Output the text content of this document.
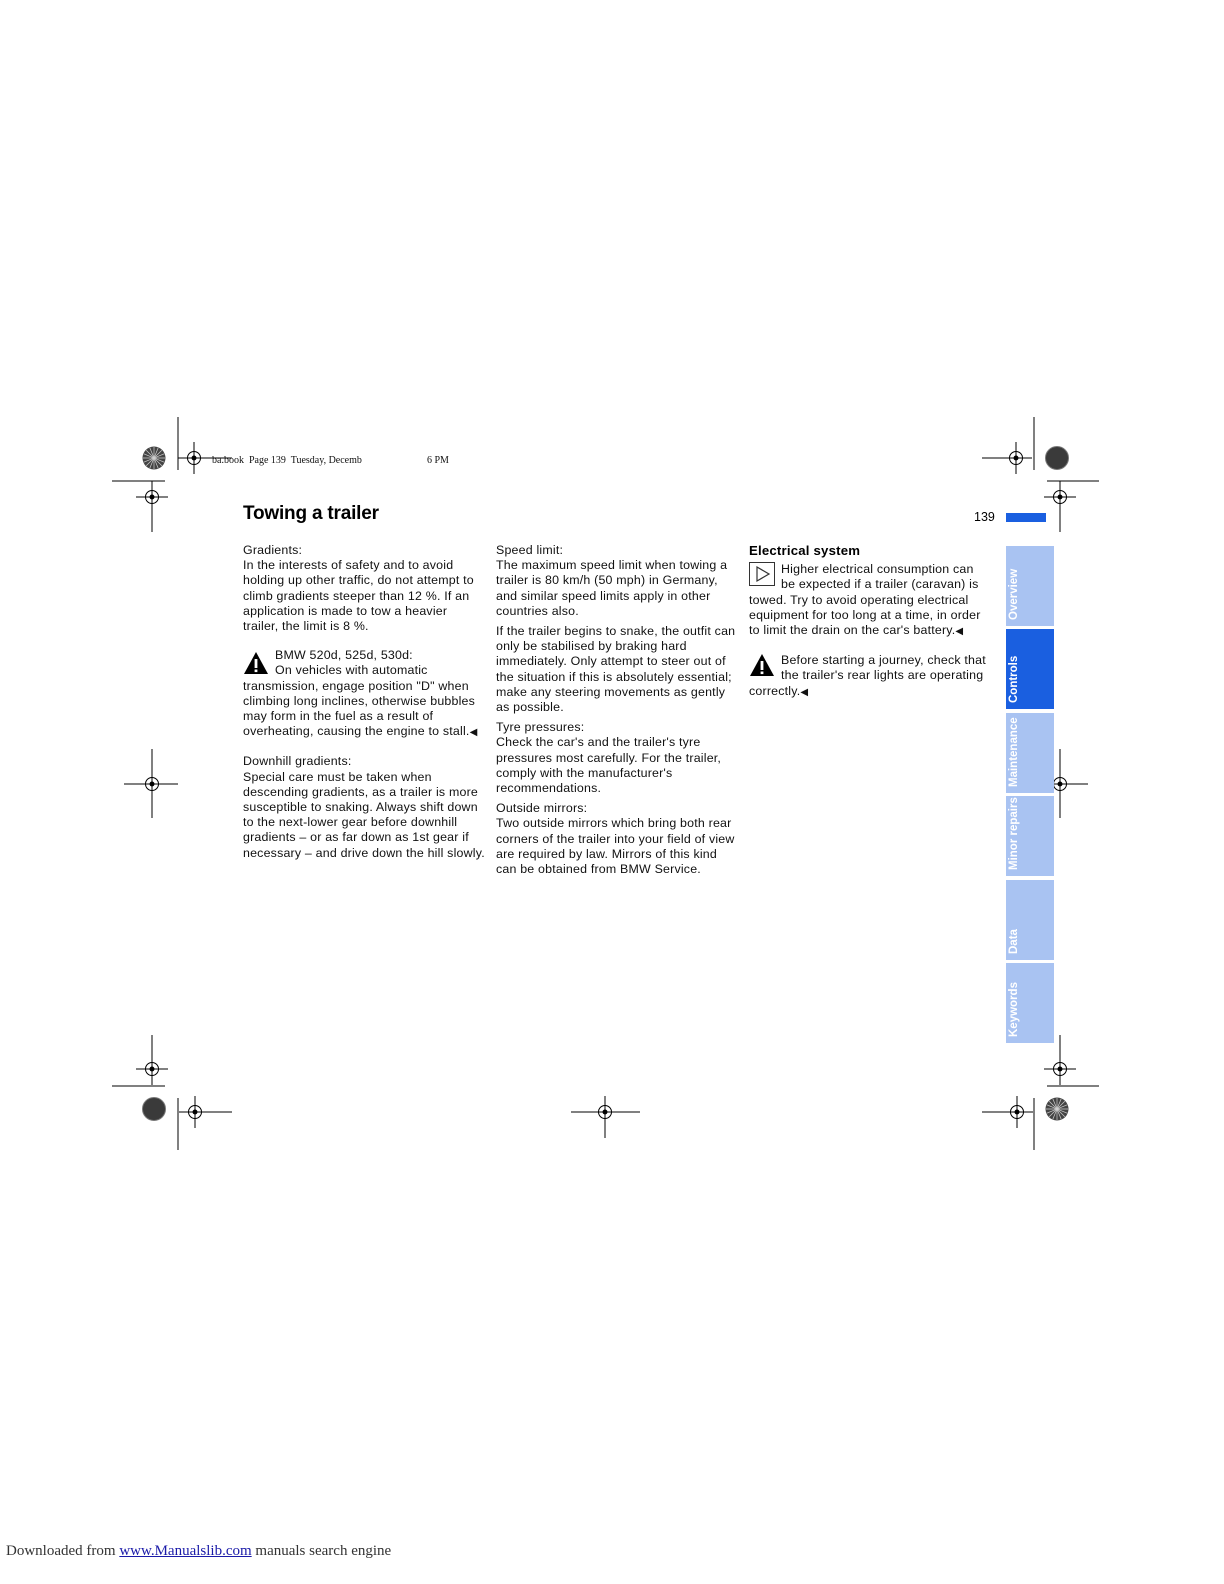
ba.book  Page 139  Tuesday, Decemb	6 PM
Towing a trailer	139
Gradients:

In the interests of safety and to avoid holding up other traffic, do not attempt to climb gradients steeper than 12 %. If an application is made to tow a heavier trailer, the limit is 8 %.

BMW 520d, 525d, 530d:

On vehicles with automatic transmission, engage position "D" when climbing long inclines, otherwise bubbles may form in the fuel as a result of overheating, causing the engine to stall.◀

Downhill gradients:

Special care must be taken when descending gradients, as a trailer is more susceptible to snaking. Always shift down to the next-lower gear before downhill gradients – or as far down as 1st gear if necessary – and drive down the hill slowly.

Speed limit:

The maximum speed limit when towing a trailer is 80 km/h (50 mph) in Germany, and similar speed limits apply in other countries also.

If the trailer begins to snake, the outfit can only be stabilised by braking hard immediately. Only attempt to steer out of the situation if this is absolutely essential; make any steering movements as gently as possible.

Tyre pressures:

Check the car's and the trailer's tyre pressures most carefully. For the trailer, comply with the manufacturer's recommendations.

Outside mirrors:

Two outside mirrors which bring both rear corners of the trailer into your field of view are required by law. Mirrors of this kind can be obtained from BMW Service.

Electrical system

Higher electrical consumption can be expected if a trailer (caravan) is towed. Try to avoid operating electrical equipment for too long at a time, in order to limit the drain on the car's battery.◀

Before starting a journey, check that the trailer's rear lights are operating correctly.◀

Overview
Controls
Maintenance
Minor repairs
Data
Keywords
Downloaded from www.Manualslib.com manuals search engine
